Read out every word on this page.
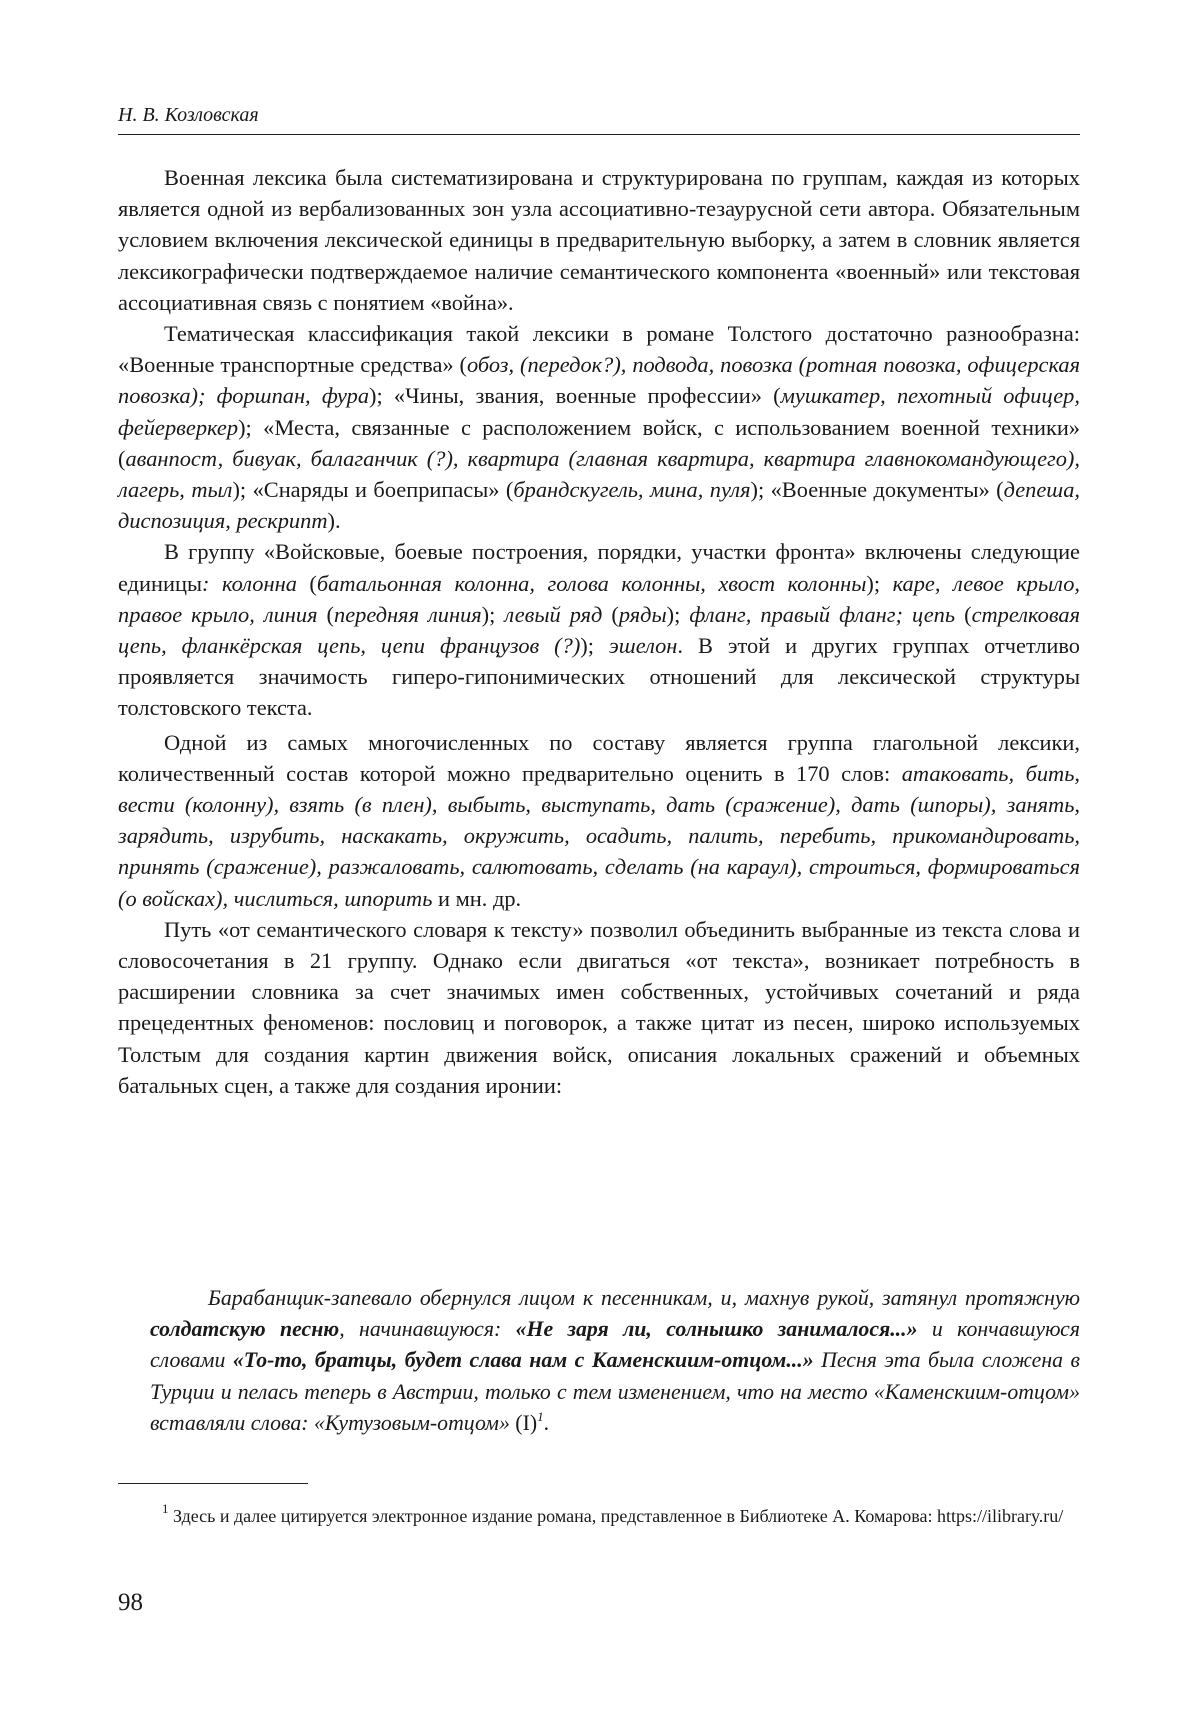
Н. В. Козловская

Военная лексика была систематизирована и структурирована по группам, каждая из которых является одной из вербализованных зон узла ассоциативно-тезаурусной сети автора. Обязательным условием включения лексической единицы в предварительную выборку, а затем в словник является лексикографически подтверждаемое наличие семантического компонента «военный» или текстовая ассоциативная связь с понятием «война».

Тематическая классификация такой лексики в романе Толстого достаточно разнообразна: «Военные транспортные средства» (обоз, (передок?), подвода, повозка (ротная повозка, офицерская повозка); форшпан, фура); «Чины, звания, военные профессии» (мушкатер, пехотный офицер, фейерверкер); «Места, связанные с расположением войск, с использованием военной техники» (аванпост, бивуак, балаганчик (?), квартира (главная квартира, квартира главнокомандующего), лагерь, тыл); «Снаряды и боеприпасы» (брандскугель, мина, пуля); «Военные документы» (депеша, диспозиция, рескрипт).

В группу «Войсковые, боевые построения, порядки, участки фронта» включены следующие единицы: колонна (батальонная колонна, голова колонны, хвост колонны); каре, левое крыло, правое крыло, линия (передняя линия); левый ряд (ряды); фланг, правый фланг; цепь (стрелковая цепь, фланкёрская цепь, цепи французов (?)); эшелон. В этой и других группах отчетливо проявляется значимость гиперо-гипонимических отношений для лексической структуры толстовского текста.

Одной из самых многочисленных по составу является группа глагольной лексики, количественный состав которой можно предварительно оценить в 170 слов: атаковать, бить, вести (колонну), взять (в плен), выбыть, выступать, дать (сражение), дать (шпоры), занять, зарядить, изрубить, наскакать, окружить, осадить, палить, перебить, прикомандировать, принять (сражение), разжаловать, салютовать, сделать (на караул), строиться, формироваться (о войсках), числиться, шпорить и мн. др.

Путь «от семантического словаря к тексту» позволил объединить выбранные из текста слова и словосочетания в 21 группу. Однако если двигаться «от текста», возникает потребность в расширении словника за счет значимых имен собственных, устойчивых сочетаний и ряда прецедентных феноменов: пословиц и поговорок, а также цитат из песен, широко используемых Толстым для создания картин движения войск, описания локальных сражений и объемных батальных сцен, а также для создания иронии:

Барабанщик-запевало обернулся лицом к песенникам, и, махнув рукой, затянул протяжную солдатскую песню, начинавшуюся: «Не заря ли, солнышко занималося...» и кончавшуюся словами «То-то, братцы, будет слава нам с Каменскиим-отцом...» Песня эта была сложена в Турции и пелась теперь в Австрии, только с тем изменением, что на место «Каменскиим-отцом» вставляли слова: «Кутузовым-отцом» $(I)^1$.

$^1$ Здесь и далее цитируется электронное издание романа, представленное в Библиотеке А. Комарова: https://ilibrary.ru/

98
